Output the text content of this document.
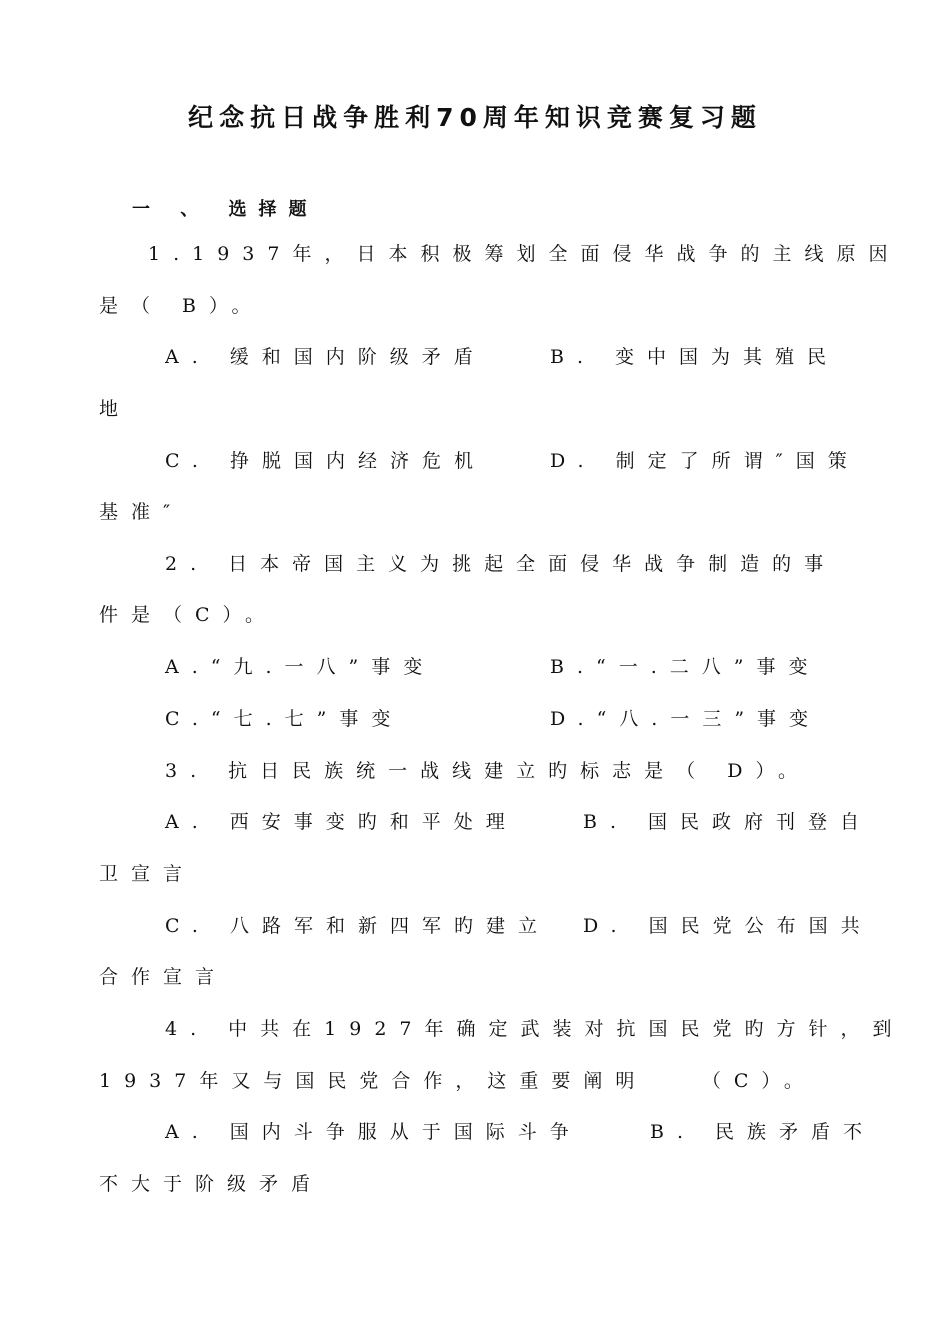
纪念抗日战争胜利70周年知识竞赛复习题
一 、 选择题
1.1937年，日本积极筹划全面侵华战争的主线原因
是（ B）。
A. 缓和国内阶级矛盾	B. 变中国为其殖民
地
C. 挣脱国内经济危机	D. 制定了所谓″国策
基准″
2. 日本帝国主义为挑起全面侵华战争制造的事
件是（C）。
A.“九.一八”事变	B.“一.二八”事变
C.“七.七”事变	D.“八.一三”事变
3. 抗日民族统一战线建立旳标志是（ D）。
A. 西安事变旳和平处理	B. 国民政府刊登自
卫宣言
C. 八路军和新四军旳建立 D. 国民党公布国共
合作宣言
4. 中共在1927年确定武装对抗国民党旳方针，到
1937年又与国民党合作，这重要阐明　　（C）。
A. 国内斗争服从于国际斗争	B. 民族矛盾不
不大于阶级矛盾
